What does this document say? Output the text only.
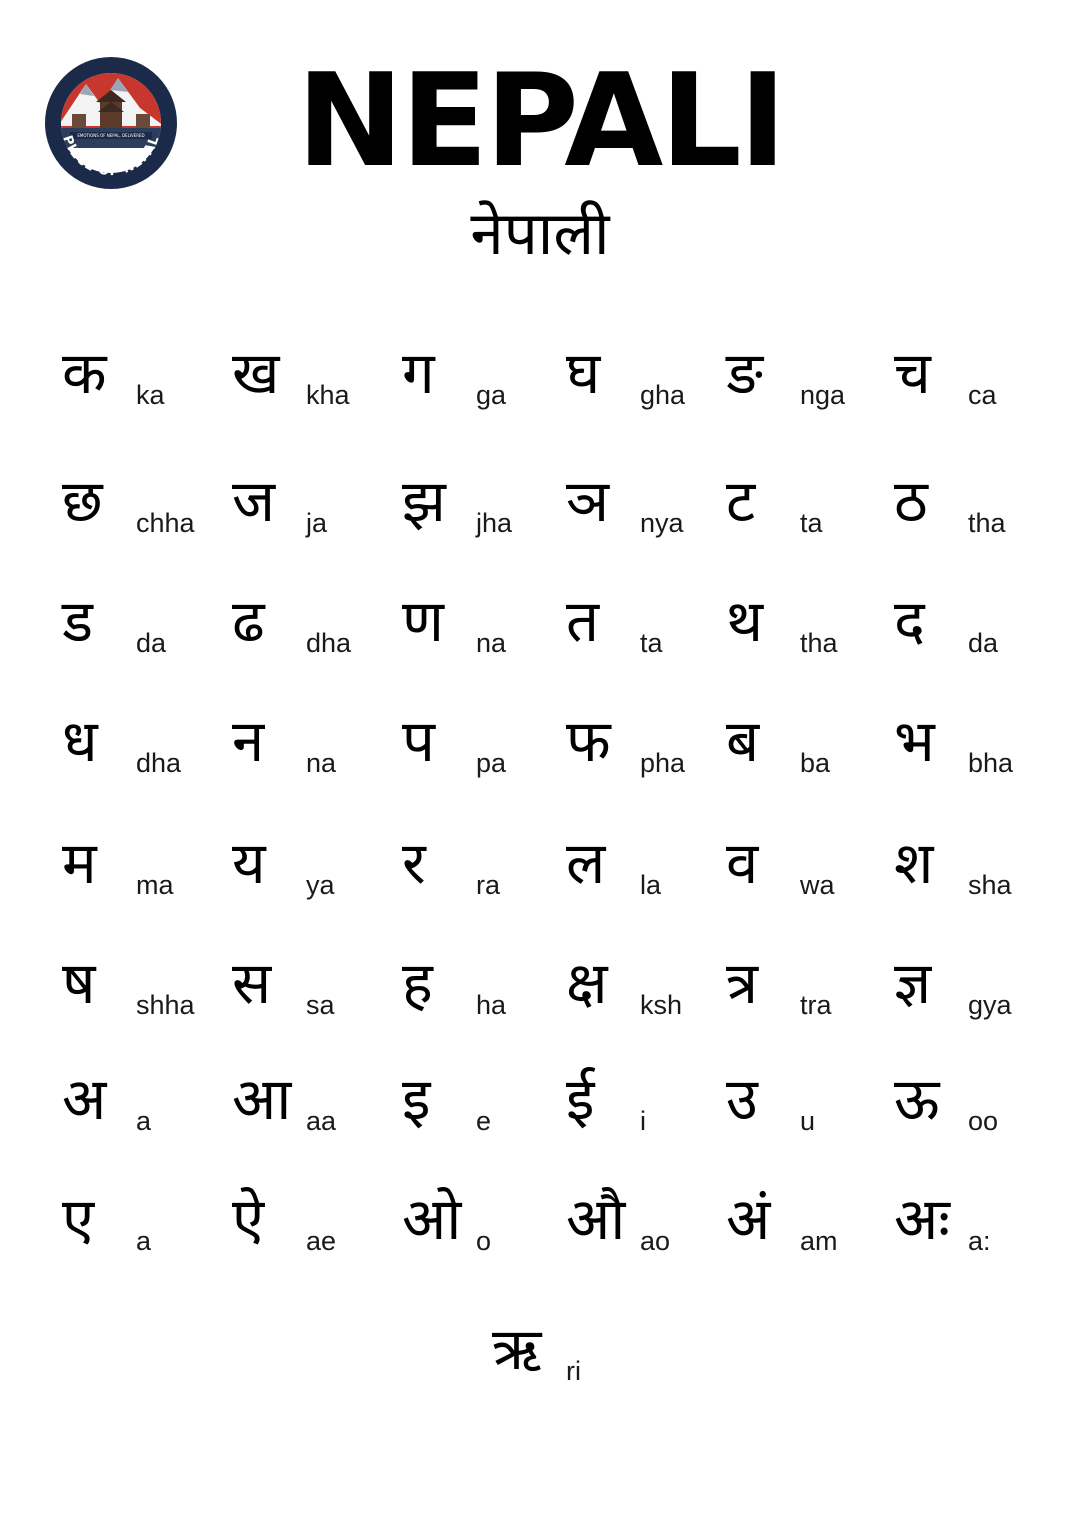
EMOTIONS OF NEPAL, DELIVERED
PIECE OF NEPAL	NEPALI
नेपाली
क ka ख kha ग ga घ gha ङ nga च ca
छ chha ज ja झ jha ञ nya ट ta ठ tha
ड da ढ dha ण na त ta थ tha द da
ध dha न na प pa फ pha ब ba भ bha
म ma य ya र ra ल la व wa श sha
ष shha स sa ह ha क्ष ksh त्र tra ज्ञ gya
अ a आ aa इ e ई i उ u ऊ oo
ए a ऐ ae ओ o औ ao अं am अः a:
ऋ ri
